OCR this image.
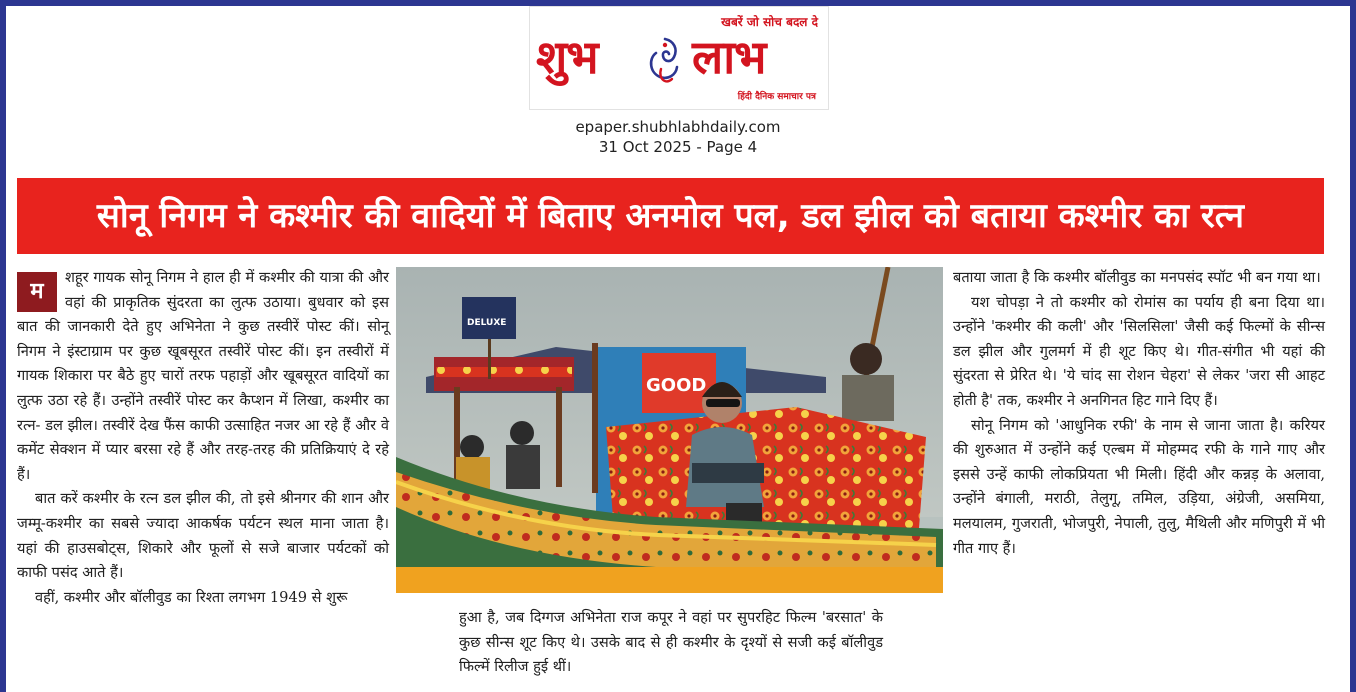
खबरें जो सोच बदल दे
शुभ लाभ
हिंदी दैनिक समाचार पत्र
epaper.shubhlabhdaily.com
31 Oct 2025 - Page 4
सोनू निगम ने कश्मीर की वादियों में बिताए अनमोल पल, डल झील को बताया कश्मीर का रत्न

म
शहूर गायक सोनू निगम ने हाल ही में कश्मीर की यात्रा की और वहां की प्राकृतिक सुंदरता का लुत्फ उठाया। बुधवार को इस बात की जानकारी देते हुए अभिनेता ने कुछ तस्वीरें पोस्ट कीं। सोनू निगम ने इंस्टाग्राम पर कुछ खूबसूरत तस्वीरें पोस्ट कीं। इन तस्वीरों में गायक शिकारा पर बैठे हुए चारों तरफ पहाड़ों और खूबसूरत वादियों का लुत्फ उठा रहे हैं। उन्होंने तस्वीरें पोस्ट कर कैप्शन में लिखा, कश्मीर का रत्न- डल झील। तस्वीरें देख फैंस काफी उत्साहित नजर आ रहे हैं और वे कमेंट सेक्शन में प्यार बरसा रहे हैं और तरह-तरह की प्रतिक्रियाएं दे रहे हैं।

बात करें कश्मीर के रत्न डल झील की, तो इसे श्रीनगर की शान और जम्मू-कश्मीर का सबसे ज्यादा आकर्षक पर्यटन स्थल माना जाता है। यहां की हाउसबोट्स, शिकारे और फूलों से सजे बाजार पर्यटकों को काफी पसंद आते हैं।

वहीं, कश्मीर और बॉलीवुड का रिश्ता लगभग 1949 से शुरू

GOOD
DELUXE

हुआ है, जब दिग्गज अभिनेता राज कपूर ने वहां पर सुपरहिट फिल्म 'बरसात' के कुछ सीन्स शूट किए थे। उसके बाद से ही कश्मीर के दृश्यों से सजी कई बॉलीवुड फिल्में रिलीज हुई थीं।

बताया जाता है कि कश्मीर बॉलीवुड का मनपसंद स्पॉट भी बन गया था।

यश चोपड़ा ने तो कश्मीर को रोमांस का पर्याय ही बना दिया था। उन्होंने 'कश्मीर की कली' और 'सिलसिला' जैसी कई फिल्मों के सीन्स डल झील और गुलमर्ग में ही शूट किए थे। गीत-संगीत भी यहां की सुंदरता से प्रेरित थे। 'ये चांद सा रोशन चेहरा' से लेकर 'जरा सी आहट होती है' तक, कश्मीर ने अनगिनत हिट गाने दिए हैं।

सोनू निगम को 'आधुनिक रफी' के नाम से जाना जाता है। करियर की शुरुआत में उन्होंने कई एल्बम में मोहम्मद रफी के गाने गाए और इससे उन्हें काफी लोकप्रियता भी मिली। हिंदी और कन्नड़ के अलावा, उन्होंने बंगाली, मराठी, तेलुगू, तमिल, उड़िया, अंग्रेजी, असमिया, मलयालम, गुजराती, भोजपुरी, नेपाली, तुलु, मैथिली और मणिपुरी में भी गीत गाए हैं।
